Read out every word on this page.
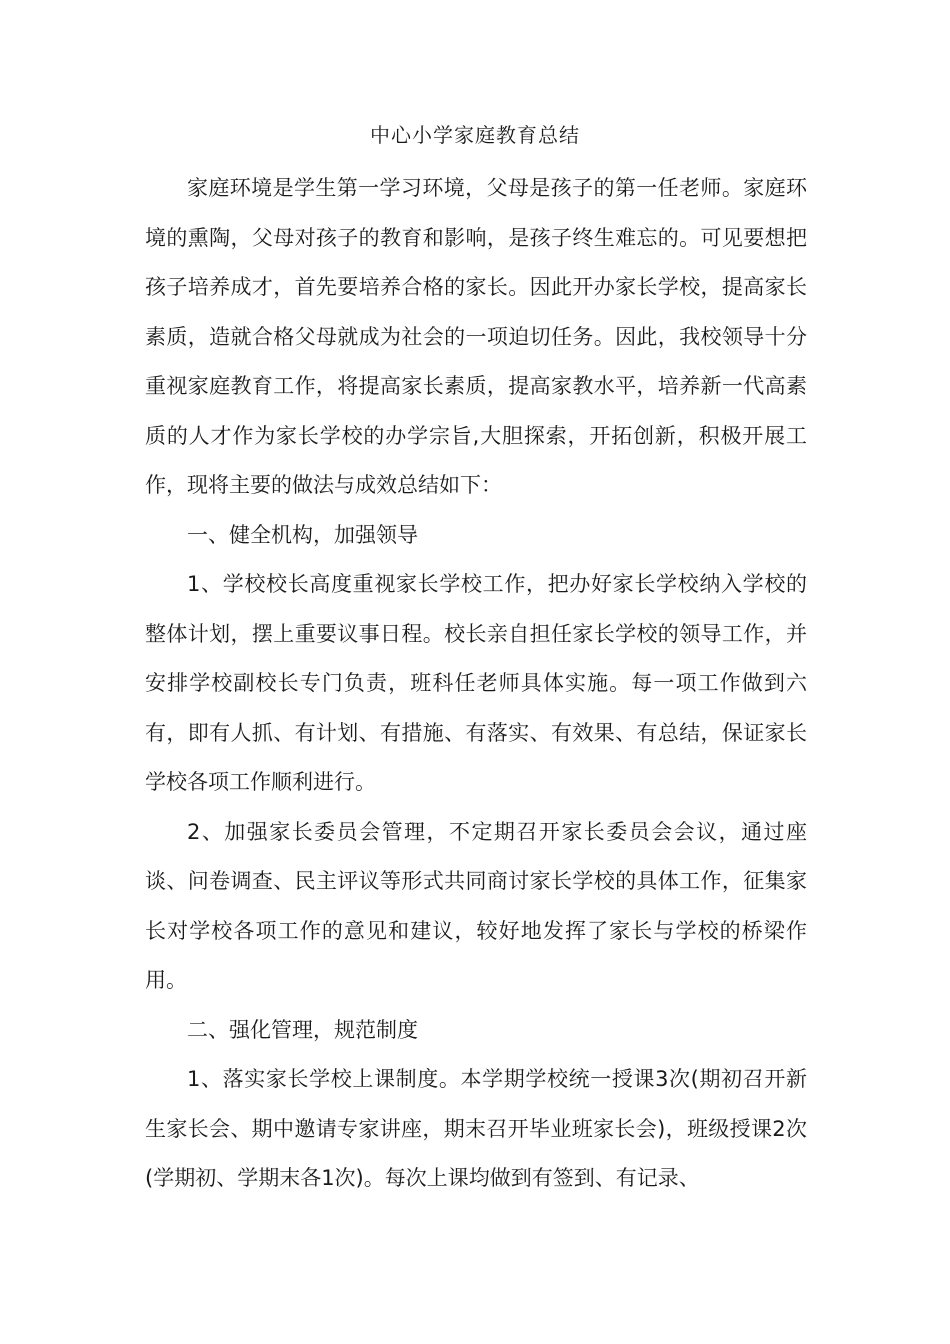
中心小学家庭教育总结

家庭环境是学生第一学习环境，父母是孩子的第一任老师。家庭环境的熏陶，父母对孩子的教育和影响，是孩子终生难忘的。可见要想把孩子培养成才，首先要培养合格的家长。因此开办家长学校，提高家长素质，造就合格父母就成为社会的一项迫切任务。因此，我校领导十分重视家庭教育工作，将提高家长素质，提高家教水平，培养新一代高素质的人才作为家长学校的办学宗旨,大胆探索，开拓创新，积极开展工作，现将主要的做法与成效总结如下：

一、健全机构，加强领导

1、学校校长高度重视家长学校工作，把办好家长学校纳入学校的整体计划，摆上重要议事日程。校长亲自担任家长学校的领导工作，并安排学校副校长专门负责，班科任老师具体实施。每一项工作做到六有，即有人抓、有计划、有措施、有落实、有效果、有总结，保证家长学校各项工作顺利进行。

2、加强家长委员会管理，不定期召开家长委员会会议，通过座谈、问卷调查、民主评议等形式共同商讨家长学校的具体工作，征集家长对学校各项工作的意见和建议，较好地发挥了家长与学校的桥梁作用。

二、强化管理，规范制度

1、落实家长学校上课制度。本学期学校统一授课3次(期初召开新生家长会、期中邀请专家讲座，期末召开毕业班家长会)，班级授课2次(学期初、学期末各1次)。每次上课均做到有签到、有记录、
